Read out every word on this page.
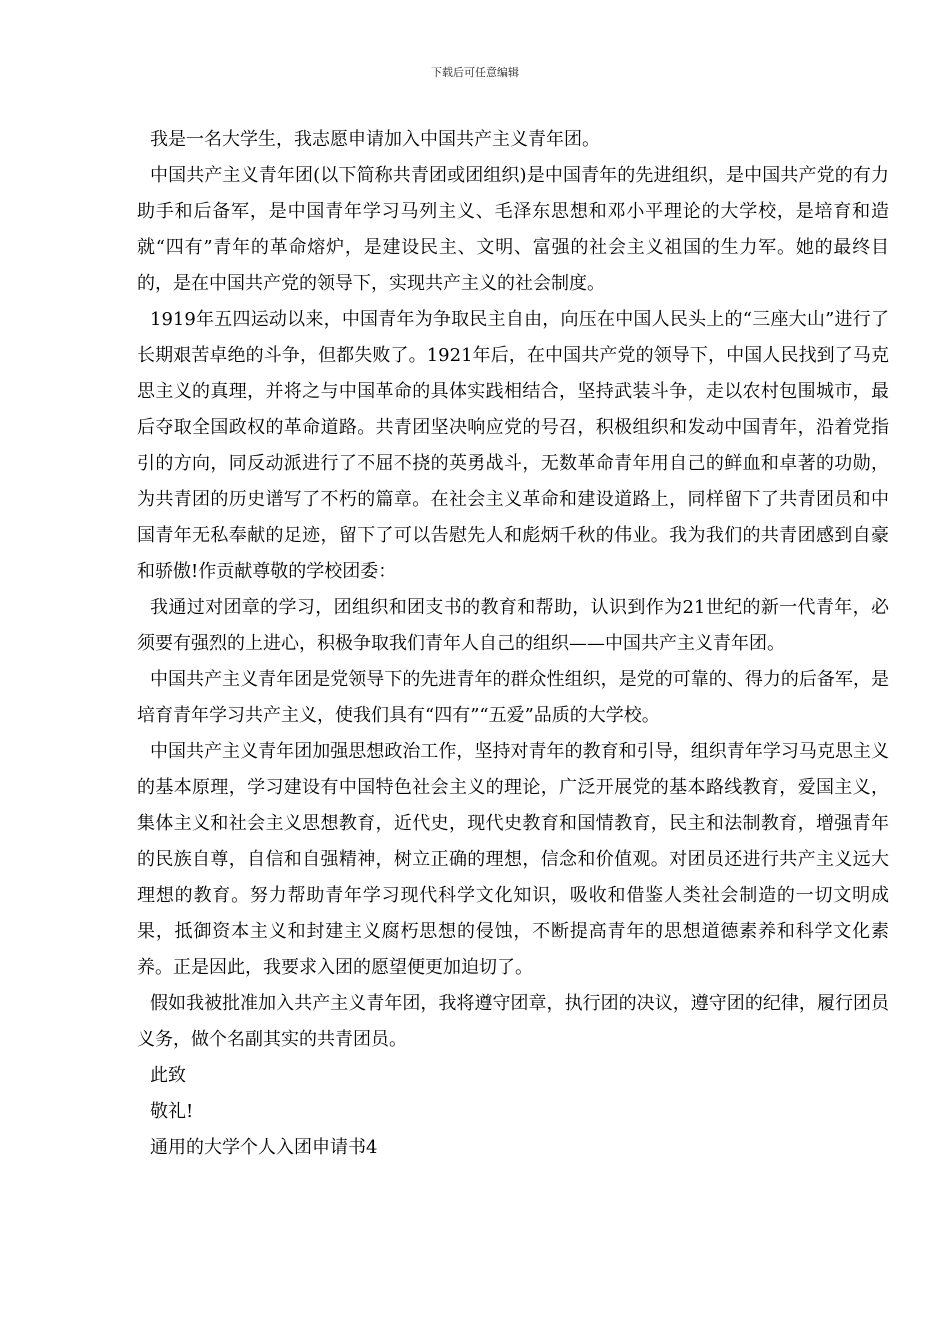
下载后可任意编辑

我是一名大学生，我志愿申请加入中国共产主义青年团。

中国共产主义青年团(以下简称共青团或团组织)是中国青年的先进组织，是中国共产党的有力助手和后备军，是中国青年学习马列主义、毛泽东思想和邓小平理论的大学校，是培育和造就“四有”青年的革命熔炉，是建设民主、文明、富强的社会主义祖国的生力军。她的最终目的，是在中国共产党的领导下，实现共产主义的社会制度。

1919年五四运动以来，中国青年为争取民主自由，向压在中国人民头上的“三座大山”进行了长期艰苦卓绝的斗争，但都失败了。1921年后，在中国共产党的领导下，中国人民找到了马克思主义的真理，并将之与中国革命的具体实践相结合，坚持武装斗争，走以农村包围城市，最后夺取全国政权的革命道路。共青团坚决响应党的号召，积极组织和发动中国青年，沿着党指引的方向，同反动派进行了不屈不挠的英勇战斗，无数革命青年用自己的鲜血和卓著的功勋，为共青团的历史谱写了不朽的篇章。在社会主义革命和建设道路上，同样留下了共青团员和中国青年无私奉献的足迹，留下了可以告慰先人和彪炳千秋的伟业。我为我们的共青团感到自豪和骄傲!作贡献尊敬的学校团委：

我通过对团章的学习，团组织和团支书的教育和帮助，认识到作为21世纪的新一代青年，必须要有强烈的上进心，积极争取我们青年人自己的组织——中国共产主义青年团。

中国共产主义青年团是党领导下的先进青年的群众性组织，是党的可靠的、得力的后备军，是培育青年学习共产主义，使我们具有“四有”“五爱”品质的大学校。

中国共产主义青年团加强思想政治工作，坚持对青年的教育和引导，组织青年学习马克思主义的基本原理，学习建设有中国特色社会主义的理论，广泛开展党的基本路线教育，爱国主义，集体主义和社会主义思想教育，近代史，现代史教育和国情教育，民主和法制教育，增强青年的民族自尊，自信和自强精神，树立正确的理想，信念和价值观。对团员还进行共产主义远大理想的教育。努力帮助青年学习现代科学文化知识，吸收和借鉴人类社会制造的一切文明成果，抵御资本主义和封建主义腐朽思想的侵蚀，不断提高青年的思想道德素养和科学文化素养。正是因此，我要求入团的愿望便更加迫切了。

假如我被批准加入共产主义青年团，我将遵守团章，执行团的决议，遵守团的纪律，履行团员义务，做个名副其实的共青团员。

此致

敬礼!

通用的大学个人入团申请书4
